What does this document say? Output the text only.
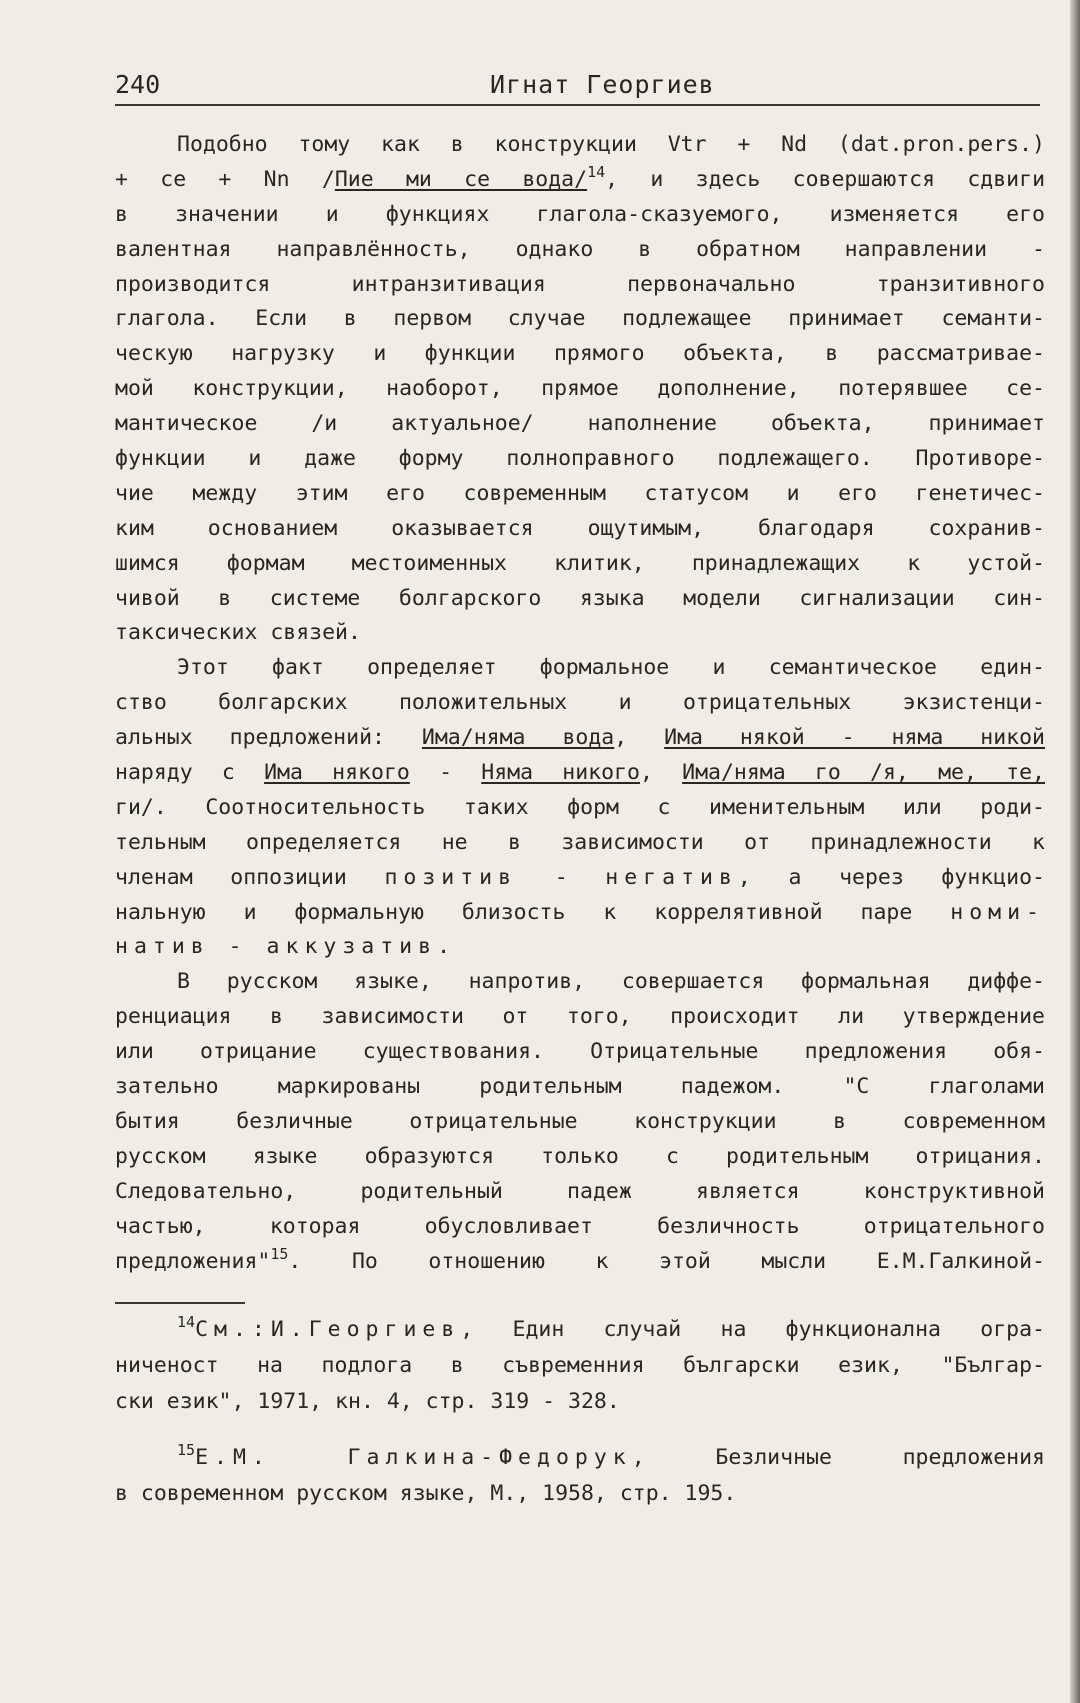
240	Игнат Георгиев
Подобно тому как в конструкции Vtr + Nd (dat.pron.pers.)
+ се + Nn /Пие ми се вода/$^{14}$, и здесь совершаются сдвиги
в значении и функциях глагола-сказуемого, изменяется его
валентная направлённость, однако в обратном направлении -
производится интранзитивация первоначально транзитивного
глагола. Если в первом случае подлежащее принимает семанти-
ческую нагрузку и функции прямого объекта, в рассматривае-
мой конструкции, наоборот, прямое дополнение, потерявшее се-
мантическое /и актуальное/ наполнение объекта, принимает
функции и даже форму полноправного подлежащего. Противоре-
чие между этим его современным статусом и его генетичес-
ким основанием оказывается ощутимым, благодаря сохранив-
шимся формам местоименных клитик, принадлежащих к устой-
чивой в системе болгарского языка модели сигнализации син-
таксических связей.
Этот факт определяет формальное и семантическое един-
ство болгарских положительных и отрицательных экзистенци-
альных предложений: Има/няма вода, Има някой - няма никой
наряду с Има някого - Няма никого, Има/няма го /я, ме, те,
ги/. Соотносительность таких форм с именительным или роди-
тельным определяется не в зависимости от принадлежности к
членам оппозиции позитив - негатив, а через функцио-
нальную и формальную близость к коррелятивной паре номи-
натив - аккузатив.
В русском языке, напротив, совершается формальная диффе-
ренциация в зависимости от того, происходит ли утверждение
или отрицание существования. Отрицательные предложения обя-
зательно маркированы родительным падежом. "С глаголами
бытия безличные отрицательные конструкции в современном
русском языке образуются только с родительным отрицания.
Следовательно, родительный падеж является конструктивной
частью, которая обусловливает безличность отрицательного
предложения"$^{15}$. По отношению к этой мысли Е.М.Галкиной-
$^{14}$См.:И.Георгиев, Един случай на функционална огра-
ниченост на подлога в съвременния български език, "Българ-
ски език", 1971, кн. 4, стр. 319 - 328.
$^{15}$Е.М. Галкина-Федорук, Безличные предложения
в современном русском языке, М., 1958, стр. 195.
